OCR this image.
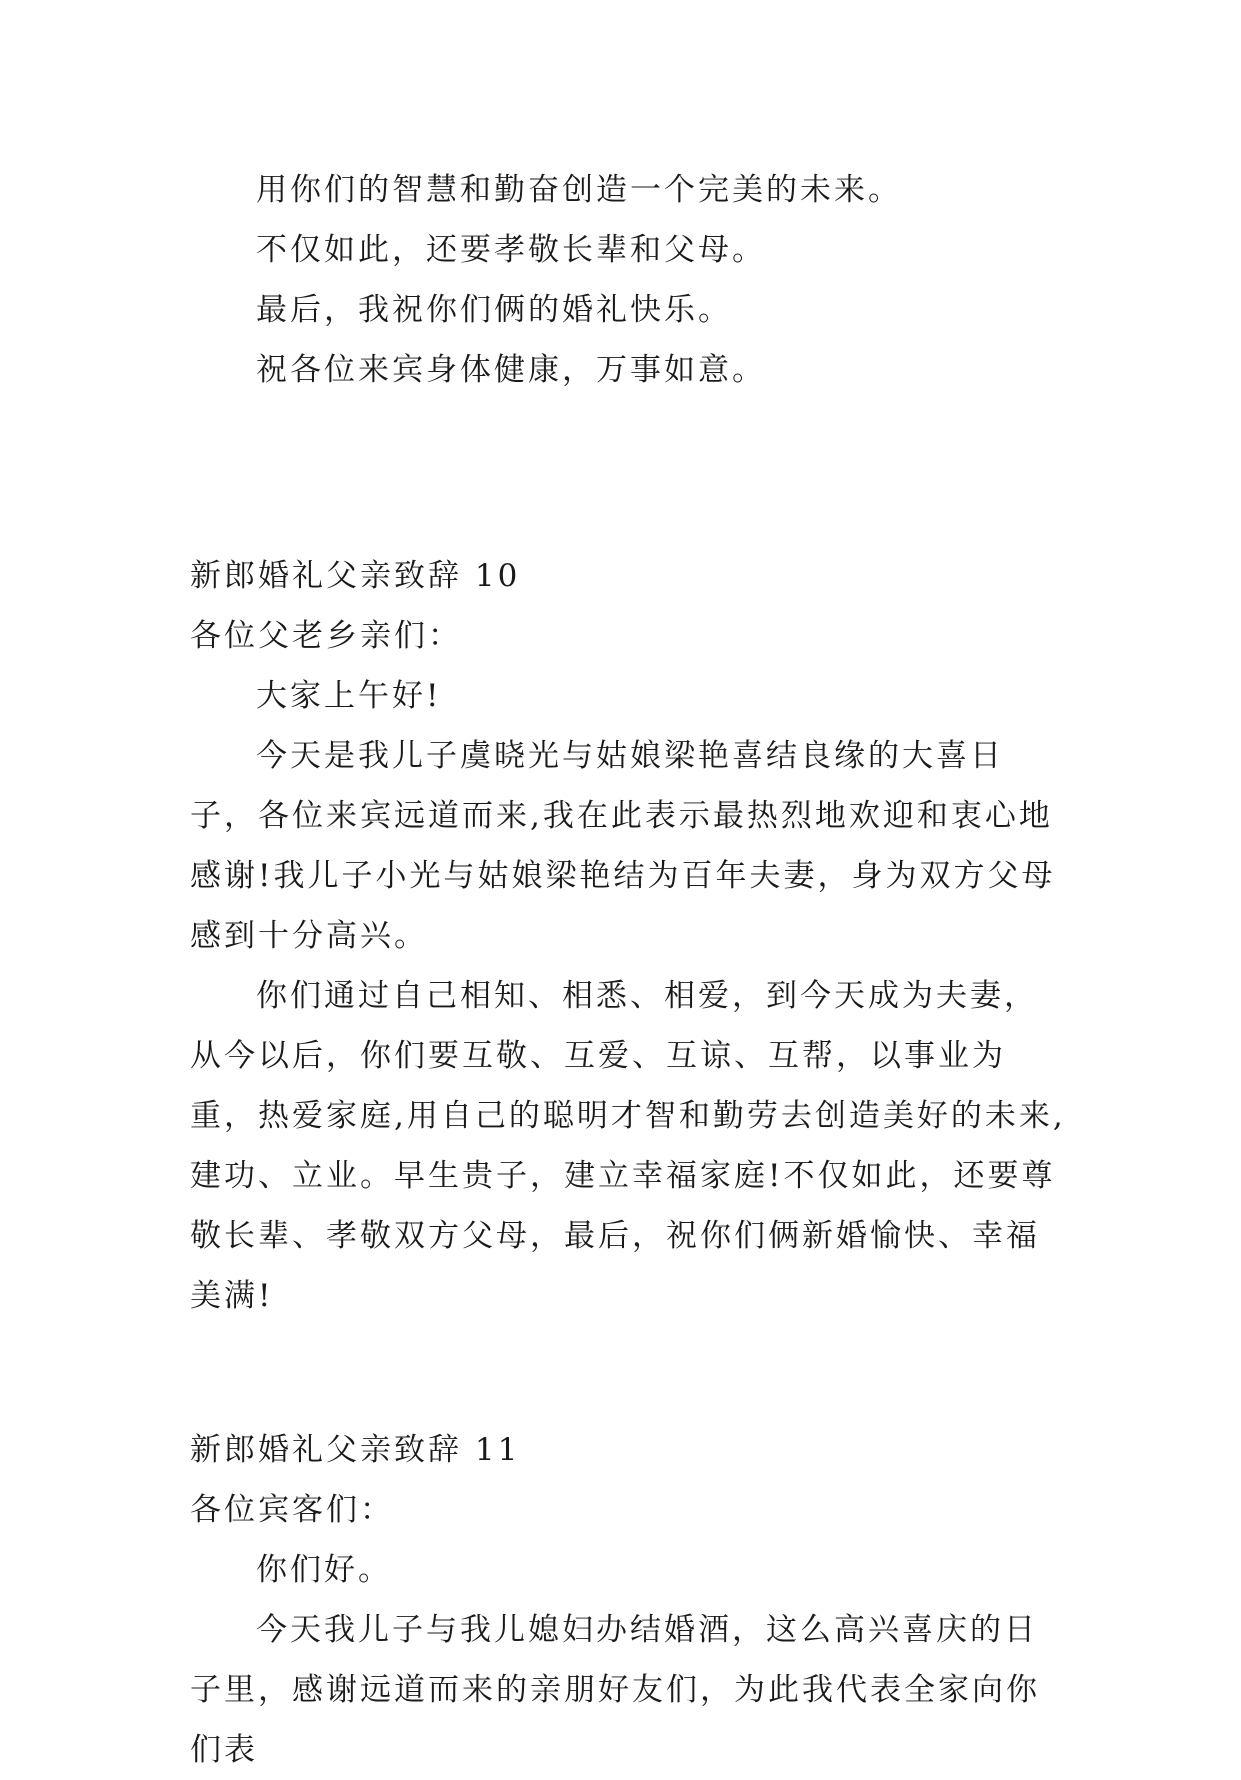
用你们的智慧和勤奋创造一个完美的未来。

不仅如此，还要孝敬长辈和父母。

最后，我祝你们俩的婚礼快乐。

祝各位来宾身体健康，万事如意。

新郎婚礼父亲致辞 10

各位父老乡亲们：

大家上午好!

今天是我儿子虞晓光与姑娘梁艳喜结良缘的大喜日子，各位来宾远道而来,我在此表示最热烈地欢迎和衷心地感谢!我儿子小光与姑娘梁艳结为百年夫妻，身为双方父母感到十分高兴。

你们通过自己相知、相悉、相爱，到今天成为夫妻，从今以后，你们要互敬、互爱、互谅、互帮，以事业为重，热爱家庭,用自己的聪明才智和勤劳去创造美好的未来,建功、立业。早生贵子，建立幸福家庭!不仅如此，还要尊敬长辈、孝敬双方父母，最后，祝你们俩新婚愉快、幸福美满!

新郎婚礼父亲致辞 11

各位宾客们：

你们好。

今天我儿子与我儿媳妇办结婚酒，这么高兴喜庆的日子里，感谢远道而来的亲朋好友们，为此我代表全家向你们表
